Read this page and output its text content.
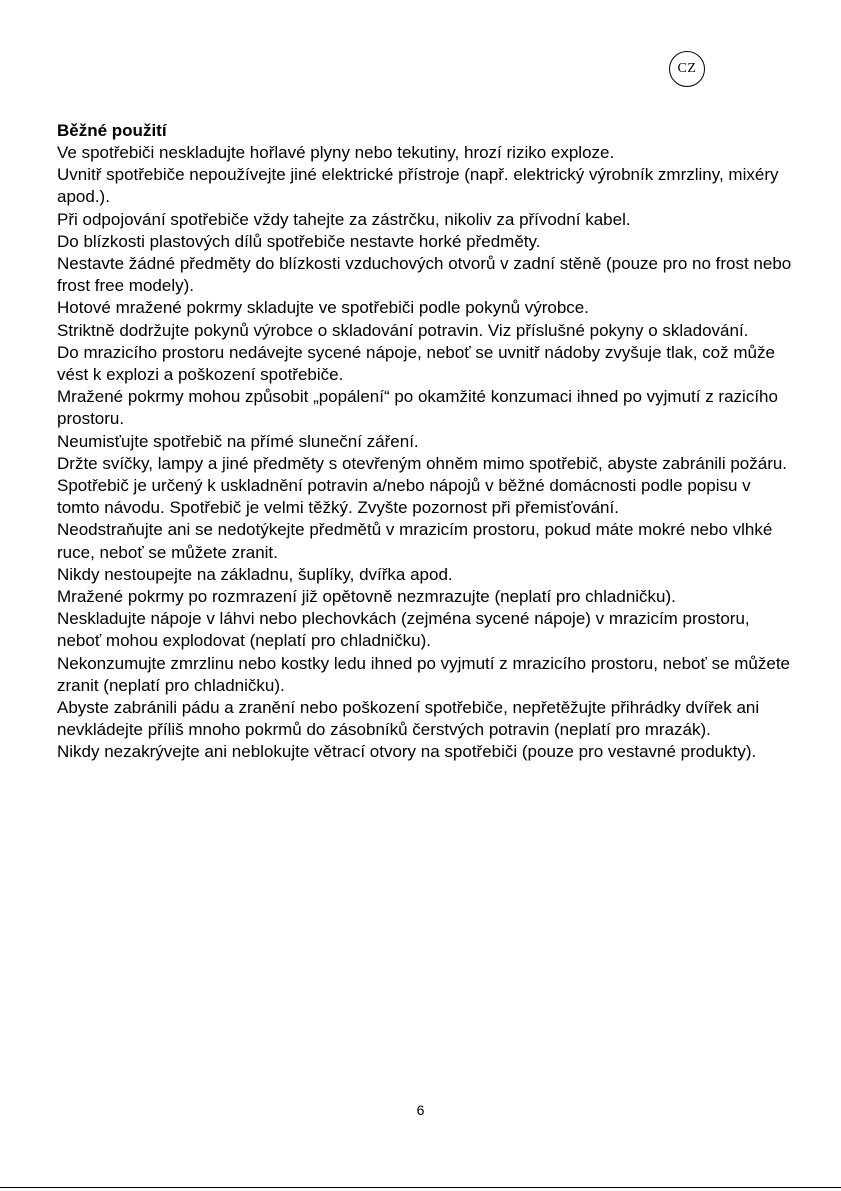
CZ
Běžné použití

Ve spotřebiči neskladujte hořlavé plyny nebo tekutiny, hrozí riziko exploze.

Uvnitř spotřebiče nepoužívejte jiné elektrické přístroje (např. elektrický výrobník zmrzliny, mixéry apod.).

Při odpojování spotřebiče vždy tahejte za zástrčku, nikoliv za přívodní kabel.

Do blízkosti plastových dílů spotřebiče nestavte horké předměty.

Nestavte žádné předměty do blízkosti vzduchových otvorů v zadní stěně (pouze pro no frost nebo frost free modely).

Hotové mražené pokrmy skladujte ve spotřebiči podle pokynů výrobce.

Striktně dodržujte pokynů výrobce o skladování potravin. Viz příslušné pokyny o skladování.

Do mrazicího prostoru nedávejte sycené nápoje, neboť se uvnitř nádoby zvyšuje tlak, což může vést k explozi a poškození spotřebiče.

Mražené pokrmy mohou způsobit „popálení“ po okamžité konzumaci ihned po vyjmutí z razicího prostoru.

Neumisťujte spotřebič na přímé sluneční záření.

Držte svíčky, lampy a jiné předměty s otevřeným ohněm mimo spotřebič, abyste zabránili požáru.

Spotřebič je určený k uskladnění potravin a/nebo nápojů v běžné domácnosti podle popisu v tomto návodu. Spotřebič je velmi těžký. Zvyšte pozornost při přemisťování.

Neodstraňujte ani se nedotýkejte předmětů v mrazicím prostoru, pokud máte mokré nebo vlhké ruce, neboť se můžete zranit.

Nikdy nestoupejte na základnu, šuplíky, dvířka apod.

Mražené pokrmy po rozmrazení již opětovně nezmrazujte (neplatí pro chladničku).

Neskladujte nápoje v láhvi nebo plechovkách (zejména sycené nápoje) v mrazicím prostoru, neboť mohou explodovat (neplatí pro chladničku).

Nekonzumujte zmrzlinu nebo kostky ledu ihned po vyjmutí z mrazicího prostoru, neboť se můžete zranit (neplatí pro chladničku).

Abyste zabránili pádu a zranění nebo poškození spotřebiče, nepřetěžujte přihrádky dvířek ani nevkládejte příliš mnoho pokrmů do zásobníků čerstvých potravin (neplatí pro mrazák).

Nikdy nezakrývejte ani neblokujte větrací otvory na spotřebiči (pouze pro vestavné produkty).

6
